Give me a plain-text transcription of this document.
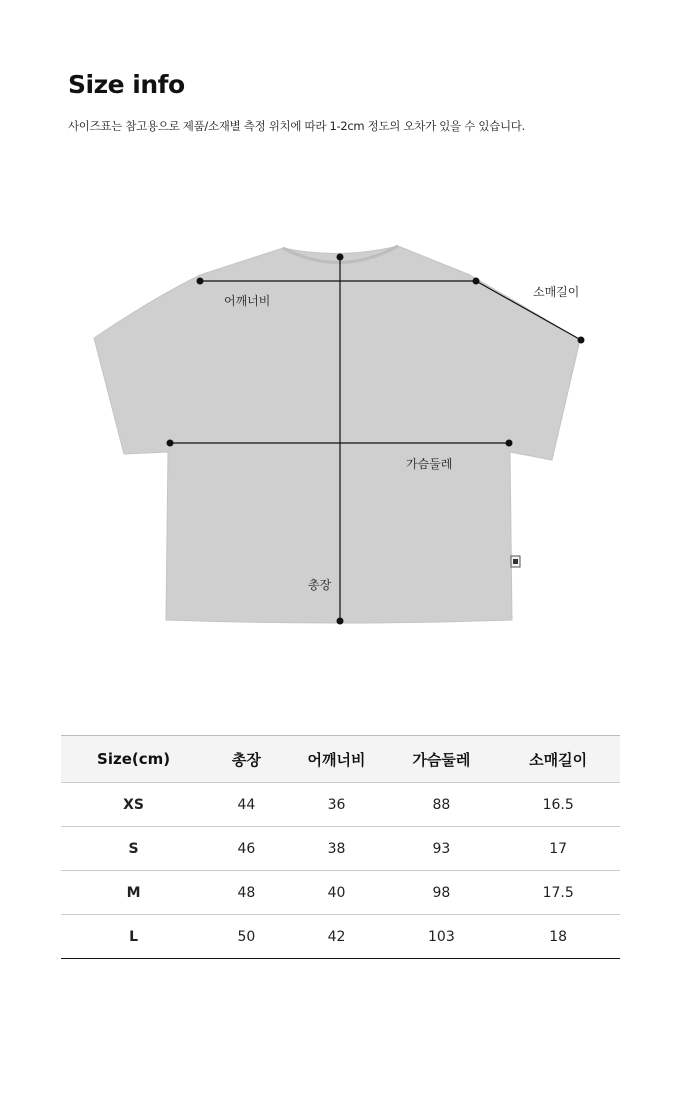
Size info
사이즈표는 참고용으로 제품/소재별 측정 위치에 따라 1-2cm 정도의 오차가 있을 수 있습니다.
어깨너비
소매길이
가슴둘레
총장
Size(cm)	총장	어깨너비	가슴둘레	소매길이
XS	44	36	88	16.5
S	46	38	93	17
M	48	40	98	17.5
L	50	42	103	18
